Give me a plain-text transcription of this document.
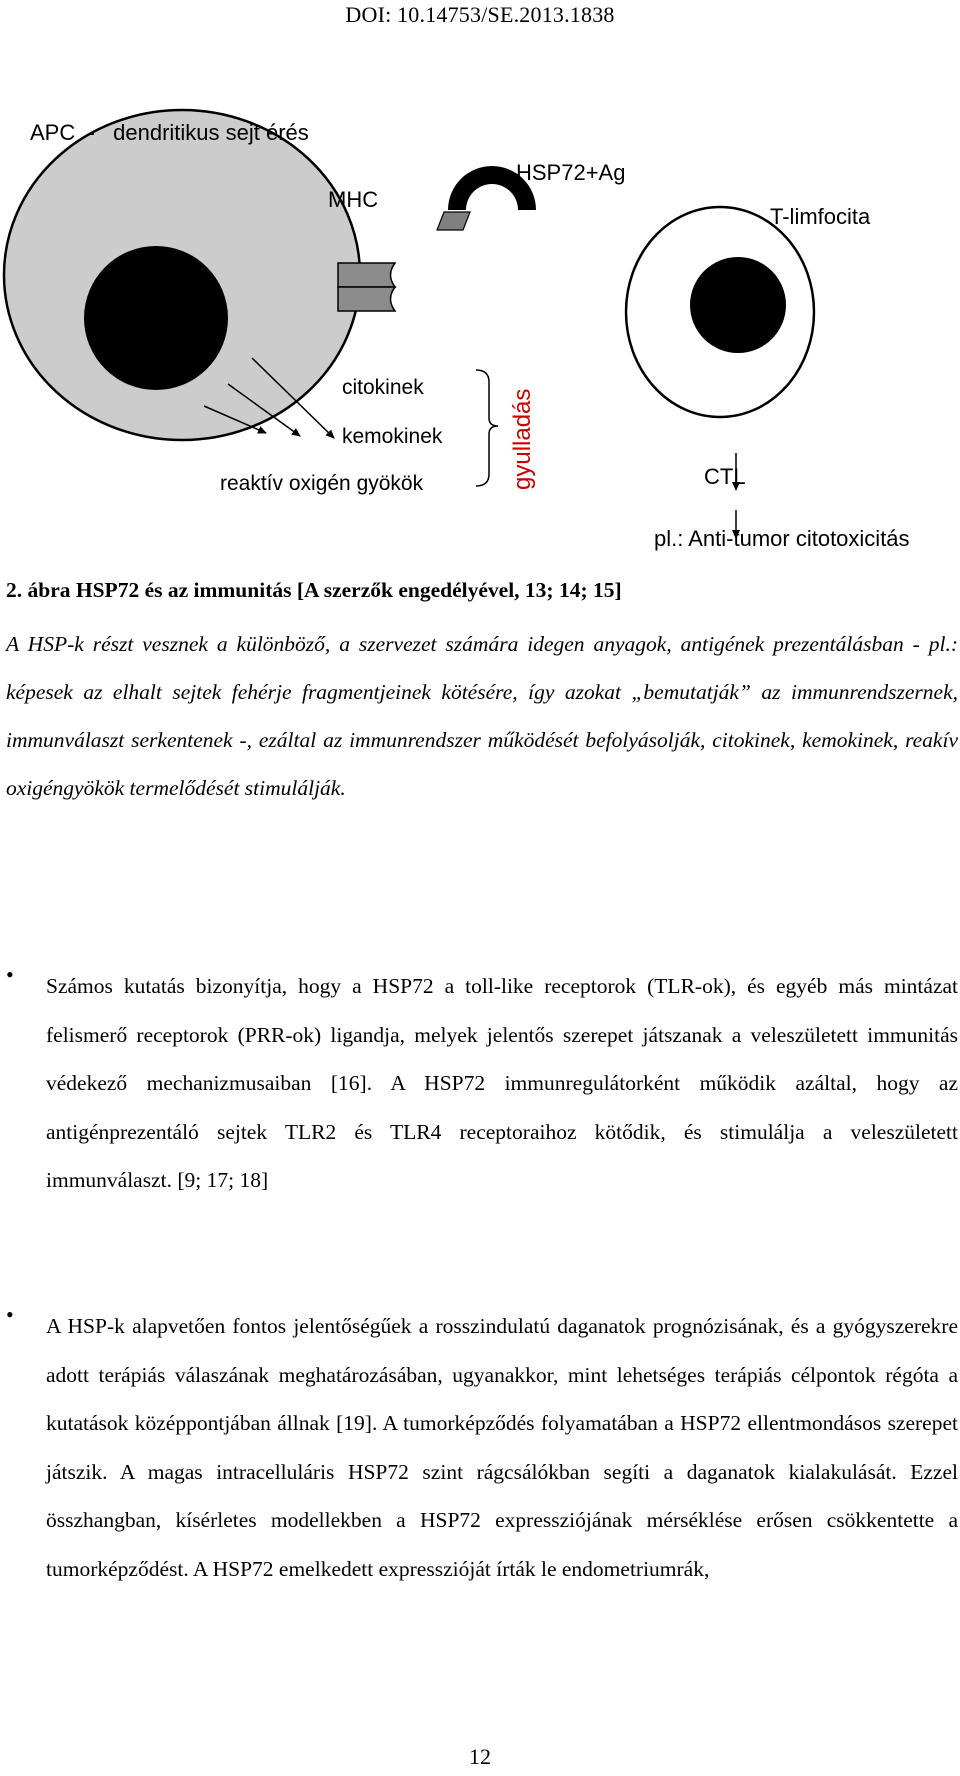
DOI: 10.14753/SE.2013.1838
APC  -   dendritikus sejt érés
HSP72+Ag
MHC
T-limfocita
citokinek
kemokinek
reaktív oxigén gyökök	gyulladás	CTL
pl.: Anti-tumor citotoxicitás
2. ábra HSP72 és az immunitás [A szerzők engedélyével, 13; 14; 15]
A HSP-k részt vesznek a különböző, a szervezet számára idegen anyagok, antigének prezentálásban - pl.: képesek az elhalt sejtek fehérje fragmentjeinek kötésére, így azokat „bemutatják” az immunrendszernek, immunválaszt serkentenek -, ezáltal az immunrendszer működését befolyásolják, citokinek, kemokinek, reakív oxigéngyökök termelődését stimulálják.
• Számos kutatás bizonyítja, hogy a HSP72 a toll-like receptorok (TLR-ok), és egyéb más mintázat felismerő receptorok (PRR-ok) ligandja, melyek jelentős szerepet játszanak a veleszületett immunitás védekező mechanizmusaiban [16]. A HSP72 immunregulátorként működik azáltal, hogy az antigénprezentáló sejtek TLR2 és TLR4 receptoraihoz kötődik, és stimulálja a veleszületett immunválaszt. [9; 17; 18]
• A HSP-k alapvetően fontos jelentőségűek a rosszindulatú daganatok prognózisának, és a gyógyszerekre adott terápiás válaszának meghatározásában, ugyanakkor, mint lehetséges terápiás célpontok régóta a kutatások középpontjában állnak [19]. A tumorképződés folyamatában a HSP72 ellentmondásos szerepet játszik. A magas intracelluláris HSP72 szint rágcsálókban segíti a daganatok kialakulását. Ezzel összhangban, kísérletes modellekben a HSP72 expressziójának mérséklése erősen csökkentette a tumorképződést. A HSP72 emelkedett expresszióját írták le endometriumrák,
12
